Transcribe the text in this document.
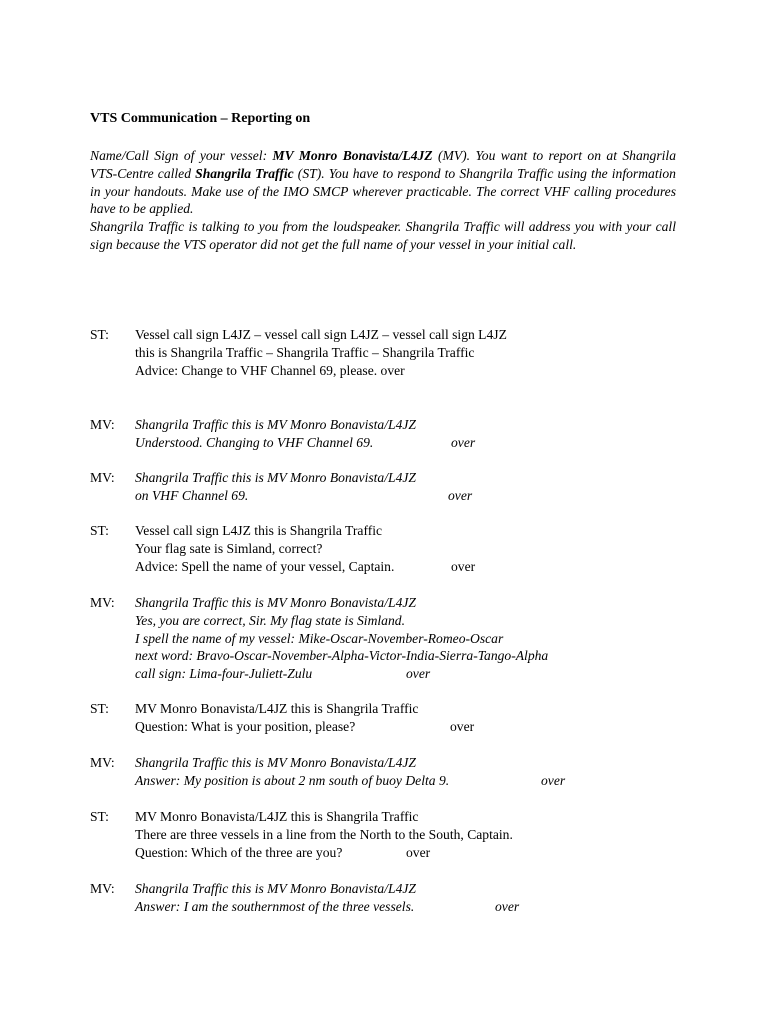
VTS Communication – Reporting on

Name/Call Sign of your vessel: MV Monro Bonavista/L4JZ (MV). You want to report on at Shangrila VTS-Centre called Shangrila Traffic (ST). You have to respond to Shangrila Traffic using the information in your handouts. Make use of the IMO SMCP wherever practicable. The correct VHF calling procedures have to be applied.

Shangrila Traffic is talking to you from the loudspeaker. Shangrila Traffic will address you with your call sign because the VTS operator did not get the full name of your vessel in your initial call.

ST: Vessel call sign L4JZ – vessel call sign L4JZ – vessel call sign L4JZ
this is Shangrila Traffic – Shangrila Traffic – Shangrila Traffic
Advice: Change to VHF Channel 69, please. over
MV: Shangrila Traffic this is MV Monro Bonavista/L4JZ
Understood. Changing to VHF Channel 69.	over
MV: Shangrila Traffic this is MV Monro Bonavista/L4JZ
on VHF Channel 69.	over
ST: Vessel call sign L4JZ this is Shangrila Traffic
Your flag sate is Simland, correct?
Advice: Spell the name of your vessel, Captain.	over
MV: Shangrila Traffic this is MV Monro Bonavista/L4JZ
Yes, you are correct, Sir. My flag state is Simland.
I spell the name of my vessel: Mike-Oscar-November-Romeo-Oscar
next word: Bravo-Oscar-November-Alpha-Victor-India-Sierra-Tango-Alpha
call sign: Lima-four-Juliett-Zulu	over
ST: MV Monro Bonavista/L4JZ this is Shangrila Traffic
Question: What is your position, please?	over
MV: Shangrila Traffic this is MV Monro Bonavista/L4JZ
Answer: My position is about 2 nm south of buoy Delta 9.	over
ST: MV Monro Bonavista/L4JZ this is Shangrila Traffic
There are three vessels in a line from the North to the South, Captain.
Question: Which of the three are you?	over
MV: Shangrila Traffic this is MV Monro Bonavista/L4JZ
Answer: I am the southernmost of the three vessels.	over
